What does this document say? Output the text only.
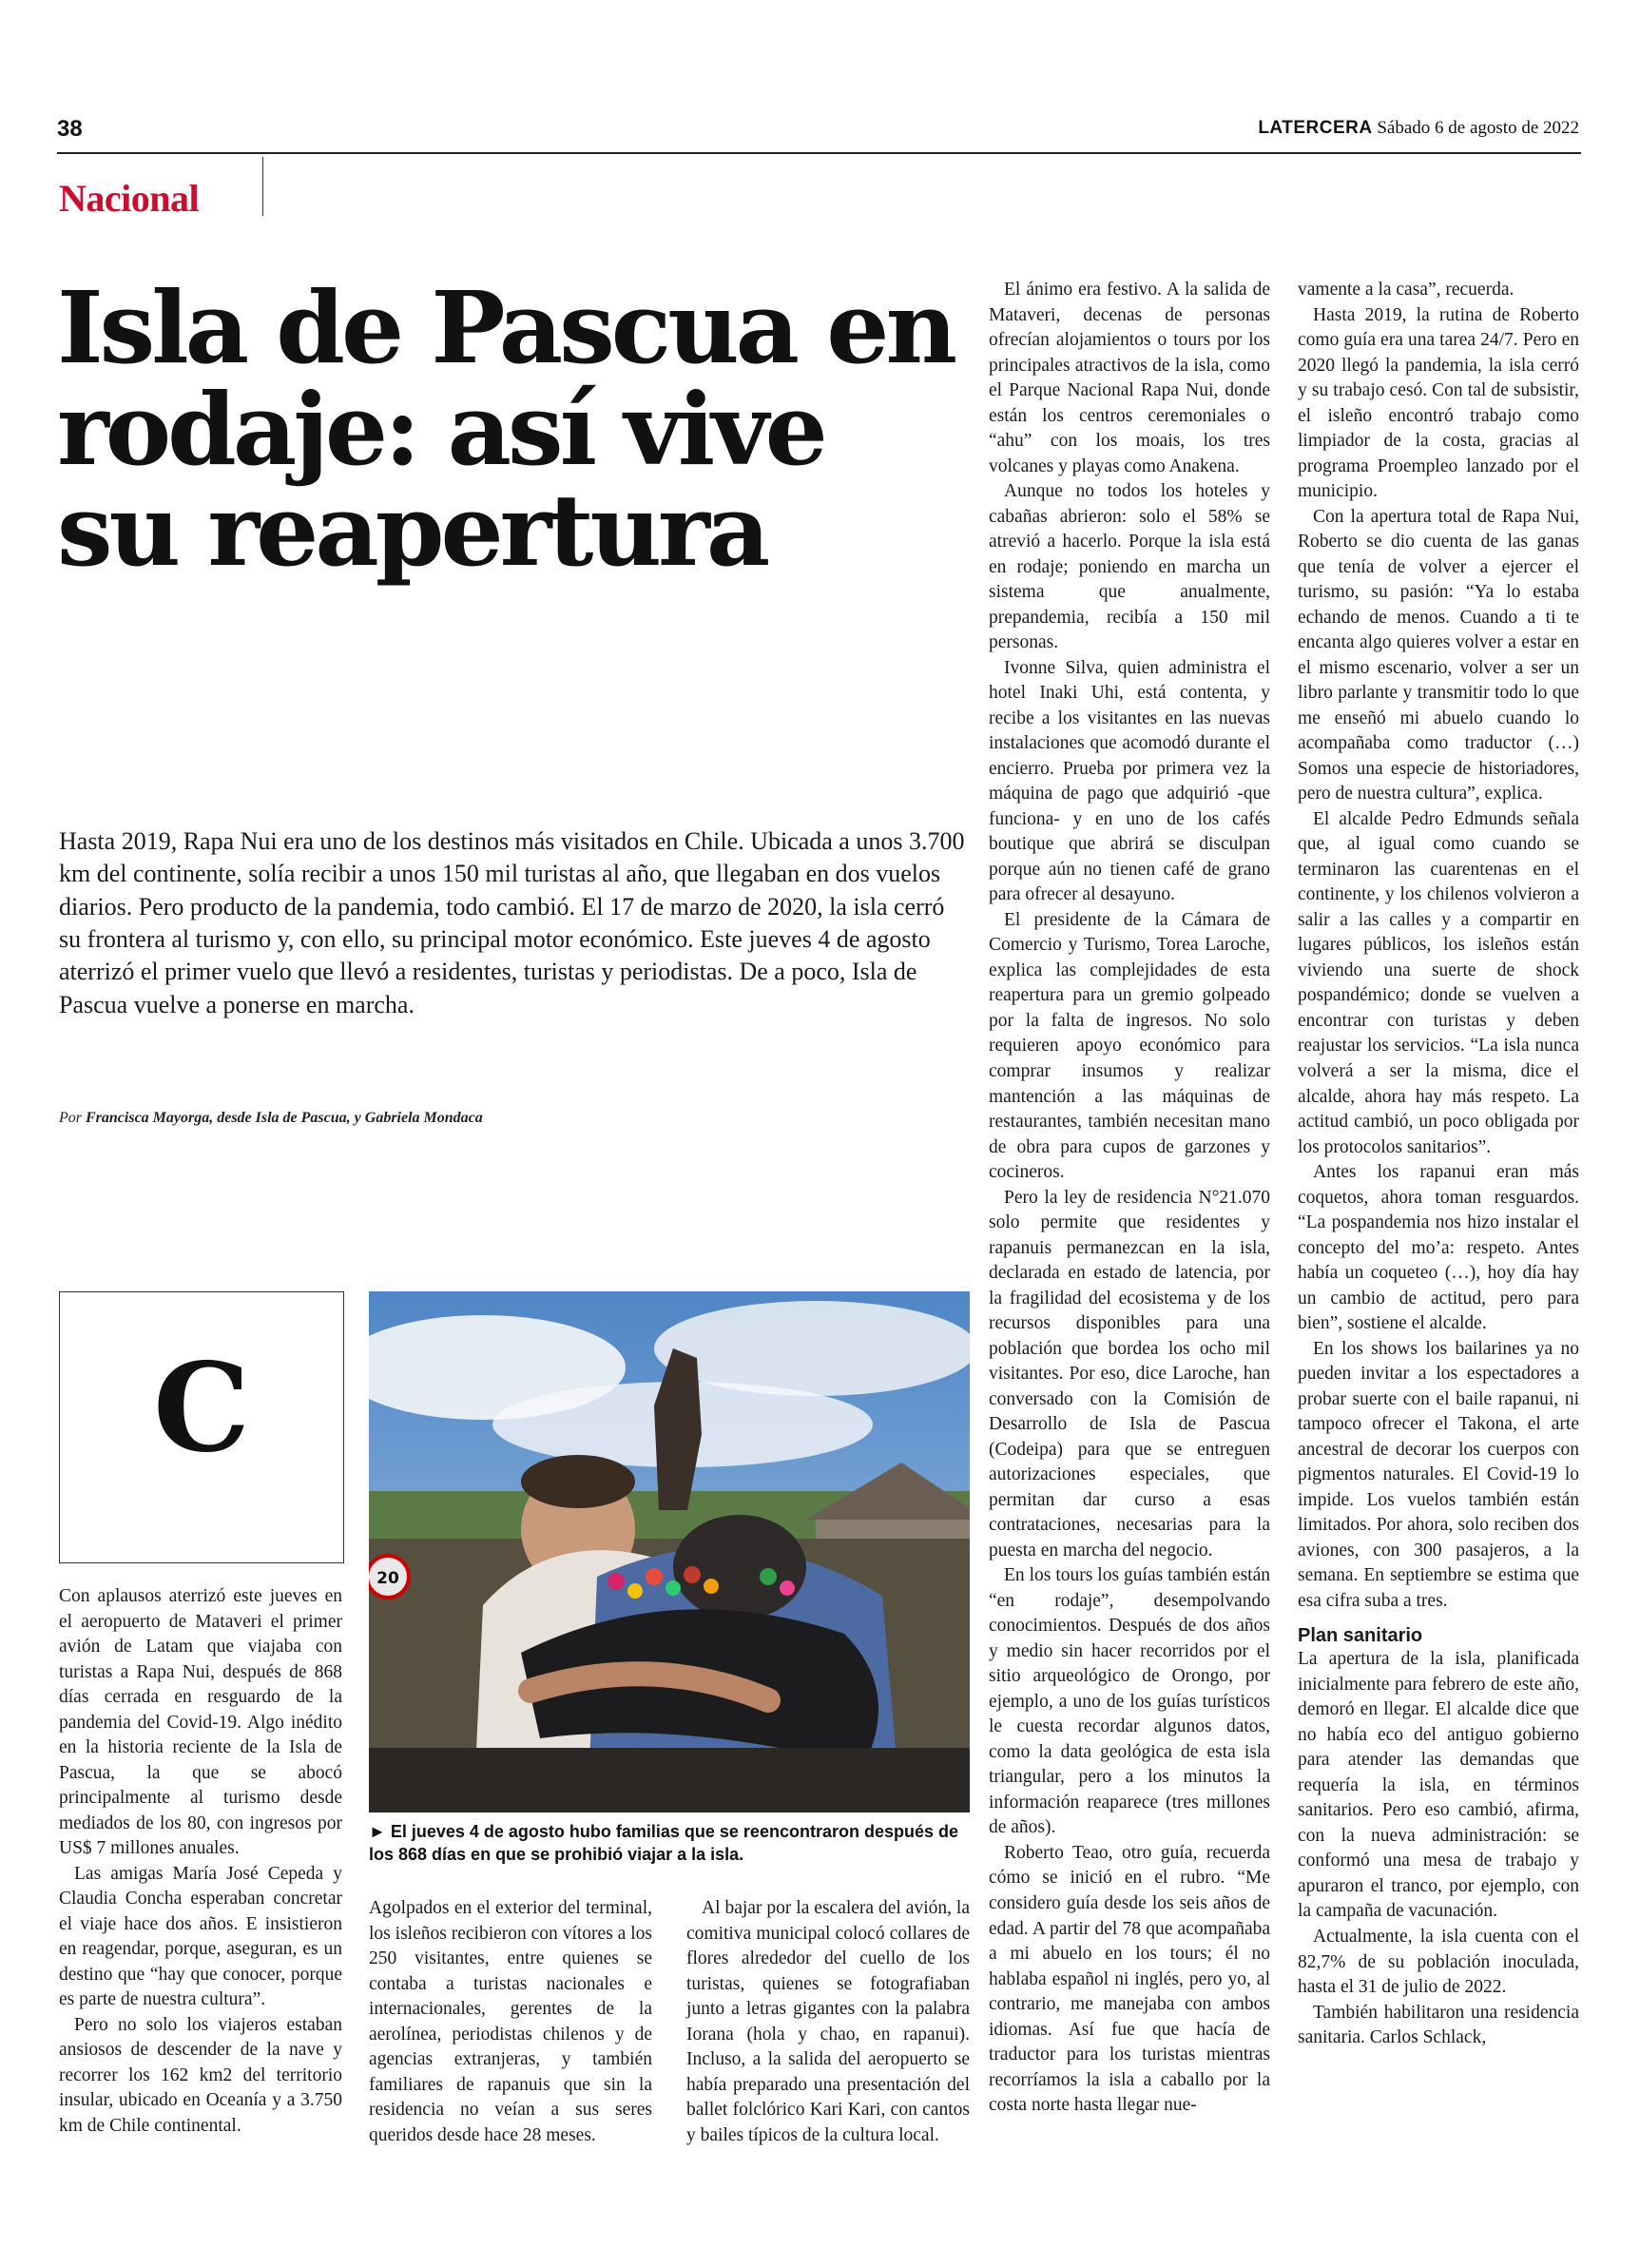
38	LATERCERA Sábado 6 de agosto de 2022
Nacional
Isla de Pascua en rodaje: así vive su reapertura

Hasta 2019, Rapa Nui era uno de los destinos más visitados en Chile. Ubicada a unos 3.700 km del continente, solía recibir a unos 150 mil turistas al año, que llegaban en dos vuelos diarios. Pero producto de la pandemia, todo cambió. El 17 de marzo de 2020, la isla cerró su frontera al turismo y, con ello, su principal motor económico. Este jueves 4 de agosto aterrizó el primer vuelo que llevó a residentes, turistas y periodistas. De a poco, Isla de Pascua vuelve a ponerse en marcha.

Por Francisca Mayorga, desde Isla de Pascua, y Gabriela Mondaca
C

Con aplausos aterrizó este jueves en el aeropuerto de Mataveri el primer avión de Latam que viajaba con turistas a Rapa Nui, después de 868 días cerrada en resguardo de la pandemia del Covid-19. Algo inédito en la historia reciente de la Isla de Pascua, la que se abocó principalmente al turismo desde mediados de los 80, con ingresos por US$ 7 millones anuales.

Las amigas María José Cepeda y Claudia Concha esperaban concretar el viaje hace dos años. E insistieron en reagendar, porque, aseguran, es un destino que “hay que conocer, porque es parte de nuestra cultura”.

Pero no solo los viajeros estaban ansiosos de descender de la nave y recorrer los 162 km2 del territorio insular, ubicado en Oceanía y a 3.750 km de Chile continental.

20

► El jueves 4 de agosto hubo familias que se reencontraron después de los 868 días en que se prohibió viajar a la isla.

Agolpados en el exterior del terminal, los isleños recibieron con vítores a los 250 visitantes, entre quienes se contaba a turistas nacionales e internacionales, gerentes de la aerolínea, periodistas chilenos y de agencias extranjeras, y también familiares de rapanuis que sin la residencia no veían a sus seres queridos desde hace 28 meses.

Al bajar por la escalera del avión, la comitiva municipal colocó collares de flores alrededor del cuello de los turistas, quienes se fotografiaban junto a letras gigantes con la palabra Iorana (hola y chao, en rapanui). Incluso, a la salida del aeropuerto se había preparado una presentación del ballet folclórico Kari Kari, con cantos y bailes típicos de la cultura local.

El ánimo era festivo. A la salida de Mataveri, decenas de personas ofrecían alojamientos o tours por los principales atractivos de la isla, como el Parque Nacional Rapa Nui, donde están los centros ceremoniales o “ahu” con los moais, los tres volcanes y playas como Anakena.

Aunque no todos los hoteles y cabañas abrieron: solo el 58% se atrevió a hacerlo. Porque la isla está en rodaje; poniendo en marcha un sistema que anualmente, prepandemia, recibía a 150 mil personas.

Ivonne Silva, quien administra el hotel Inaki Uhi, está contenta, y recibe a los visitantes en las nuevas instalaciones que acomodó durante el encierro. Prueba por primera vez la máquina de pago que adquirió -que funciona- y en uno de los cafés boutique que abrirá se disculpan porque aún no tienen café de grano para ofrecer al desayuno.

El presidente de la Cámara de Comercio y Turismo, Torea Laroche, explica las complejidades de esta reapertura para un gremio golpeado por la falta de ingresos. No solo requieren apoyo económico para comprar insumos y realizar mantención a las máquinas de restaurantes, también necesitan mano de obra para cupos de garzones y cocineros.

Pero la ley de residencia N°21.070 solo permite que residentes y rapanuis permanezcan en la isla, declarada en estado de latencia, por la fragilidad del ecosistema y de los recursos disponibles para una población que bordea los ocho mil visitantes. Por eso, dice Laroche, han conversado con la Comisión de Desarrollo de Isla de Pascua (Codeipa) para que se entreguen autorizaciones especiales, que permitan dar curso a esas contrataciones, necesarias para la puesta en marcha del negocio.

En los tours los guías también están “en rodaje”, desempolvando conocimientos. Después de dos años y medio sin hacer recorridos por el sitio arqueológico de Orongo, por ejemplo, a uno de los guías turísticos le cuesta recordar algunos datos, como la data geológica de esta isla triangular, pero a los minutos la información reaparece (tres millones de años).

Roberto Teao, otro guía, recuerda cómo se inició en el rubro. “Me considero guía desde los seis años de edad. A partir del 78 que acompañaba a mi abuelo en los tours; él no hablaba español ni inglés, pero yo, al contrario, me manejaba con ambos idiomas. Así fue que hacía de traductor para los turistas mientras recorríamos la isla a caballo por la costa norte hasta llegar nue-

vamente a la casa”, recuerda.

Hasta 2019, la rutina de Roberto como guía era una tarea 24/7. Pero en 2020 llegó la pandemia, la isla cerró y su trabajo cesó. Con tal de subsistir, el isleño encontró trabajo como limpiador de la costa, gracias al programa Proempleo lanzado por el municipio.

Con la apertura total de Rapa Nui, Roberto se dio cuenta de las ganas que tenía de volver a ejercer el turismo, su pasión: “Ya lo estaba echando de menos. Cuando a ti te encanta algo quieres volver a estar en el mismo escenario, volver a ser un libro parlante y transmitir todo lo que me enseñó mi abuelo cuando lo acompañaba como traductor (…) Somos una especie de historiadores, pero de nuestra cultura”, explica.

El alcalde Pedro Edmunds señala que, al igual como cuando se terminaron las cuarentenas en el continente, y los chilenos volvieron a salir a las calles y a compartir en lugares públicos, los isleños están viviendo una suerte de shock pospandémico; donde se vuelven a encontrar con turistas y deben reajustar los servicios. “La isla nunca volverá a ser la misma, dice el alcalde, ahora hay más respeto. La actitud cambió, un poco obligada por los protocolos sanitarios”.

Antes los rapanui eran más coquetos, ahora toman resguardos. “La pospandemia nos hizo instalar el concepto del mo’a: respeto. Antes había un coqueteo (…), hoy día hay un cambio de actitud, pero para bien”, sostiene el alcalde.

En los shows los bailarines ya no pueden invitar a los espectadores a probar suerte con el baile rapanui, ni tampoco ofrecer el Takona, el arte ancestral de decorar los cuerpos con pigmentos naturales. El Covid-19 lo impide. Los vuelos también están limitados. Por ahora, solo reciben dos aviones, con 300 pasajeros, a la semana. En septiembre se estima que esa cifra suba a tres.

Plan sanitario

La apertura de la isla, planificada inicialmente para febrero de este año, demoró en llegar. El alcalde dice que no había eco del antiguo gobierno para atender las demandas que requería la isla, en términos sanitarios. Pero eso cambió, afirma, con la nueva administración: se conformó una mesa de trabajo y apuraron el tranco, por ejemplo, con la campaña de vacunación.

Actualmente, la isla cuenta con el 82,7% de su población inoculada, hasta el 31 de julio de 2022.

También habilitaron una residencia sanitaria. Carlos Schlack,
